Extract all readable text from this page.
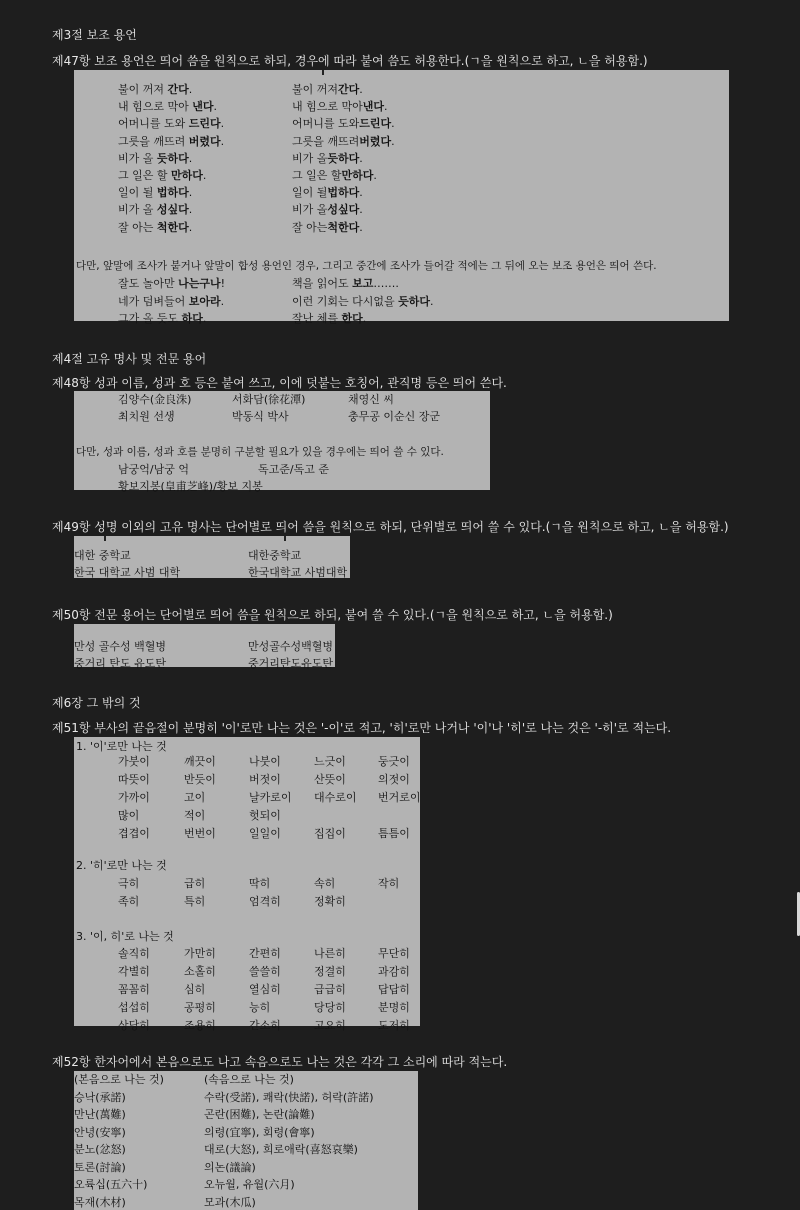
제3절 보조 용언
제47항 보조 용언은 띄어 씀을 원칙으로 하되, 경우에 따라 붙여 씀도 허용한다.(ㄱ을 원칙으로 하고, ㄴ을 허용함.)
불이 꺼져 간다.	불이 꺼져간다.
내 힘으로 막아 낸다.	내 힘으로 막아낸다.
어머니를 도와 드린다.	어머니를 도와드린다.
그릇을 깨뜨려 버렸다.	그릇을 깨뜨려버렸다.
비가 올 듯하다.	비가 올듯하다.
그 일은 할 만하다.	그 일은 할만하다.
일이 될 법하다.	일이 될법하다.
비가 올 성싶다.	비가 올성싶다.
잘 아는 척한다.	잘 아는척한다.
다만, 앞말에 조사가 붙거나 앞말이 합성 용언인 경우, 그리고 중간에 조사가 들어갈 적에는 그 뒤에 오는 보조 용언은 띄어 쓴다.
잘도 놀아만 나는구나!	책을 읽어도 보고…….
네가 덤벼들어 보아라.	이런 기회는 다시없을 듯하다.
그가 올 듯도 하다.	잘난 체를 한다.
제4절 고유 명사 및 전문 용어
제48항 성과 이름, 성과 호 등은 붙여 쓰고, 이에 덧붙는 호칭어, 관직명 등은 띄어 쓴다.
김양수(金良洙)	서화담(徐花潭)	채영신 씨
최치원 선생	박동식 박사	충무공 이순신 장군
다만, 성과 이름, 성과 호를 분명히 구분할 필요가 있을 경우에는 띄어 쓸 수 있다.
남궁억/남궁 억	독고준/독고 준
황보지봉(皇甫芝峰)/황보 지봉
제49항 성명 이외의 고유 명사는 단어별로 띄어 씀을 원칙으로 하되, 단위별로 띄어 쓸 수 있다.(ㄱ을 원칙으로 하고, ㄴ을 허용함.)
대한 중학교	대한중학교
한국 대학교 사범 대학	한국대학교 사범대학
제50항 전문 용어는 단어별로 띄어 씀을 원칙으로 하되, 붙여 쓸 수 있다.(ㄱ을 원칙으로 하고, ㄴ을 허용함.)
만성 골수성 백혈병	만성골수성백혈병
중거리 탄도 유도탄	중거리탄도유도탄
제6장 그 밖의 것
제51항 부사의 끝음절이 분명히 '이'로만 나는 것은 '-이'로 적고, '히'로만 나거나 '이'나 '히'로 나는 것은 '-히'로 적는다.
1. '이'로만 나는 것
가붓이	깨끗이	나붓이	느긋이	둥긋이
따뜻이	반듯이	버젓이	산뜻이	의젓이
가까이	고이	날카로이 대수로이 번거로이
많이	적이	헛되이
겹겹이	번번이	일일이	집집이	틈틈이
2. '히'로만 나는 것
극히	급히	딱히	속히	작히
족히	특히	엄격히	정확히
3. '이, 히'로 나는 것
솔직히	가만히	간편히	나른히	무단히
각별히	소홀히	쓸쓸히	정결히	과감히
꼼꼼히	심히	열심히	급급히	답답히
섭섭히	공평히	능히	당당히	분명히
상당히	조용히	간소히	고요히	도저히
제52항 한자어에서 본음으로도 나고 속음으로도 나는 것은 각각 그 소리에 따라 적는다.
(본음으로 나는 것)	(속음으로 나는 것)
승낙(承諾)	수락(受諾), 쾌락(快諾), 허락(許諾)
만난(萬難)	곤란(困難), 논란(論難)
안녕(安寧)	의령(宜寧), 회령(會寧)
분노(忿怒)	대로(大怒), 희로애락(喜怒哀樂)
토론(討論)	의논(議論)
오륙십(五六十)	오뉴월, 유월(六月)
목재(木材)	모과(木瓜)
